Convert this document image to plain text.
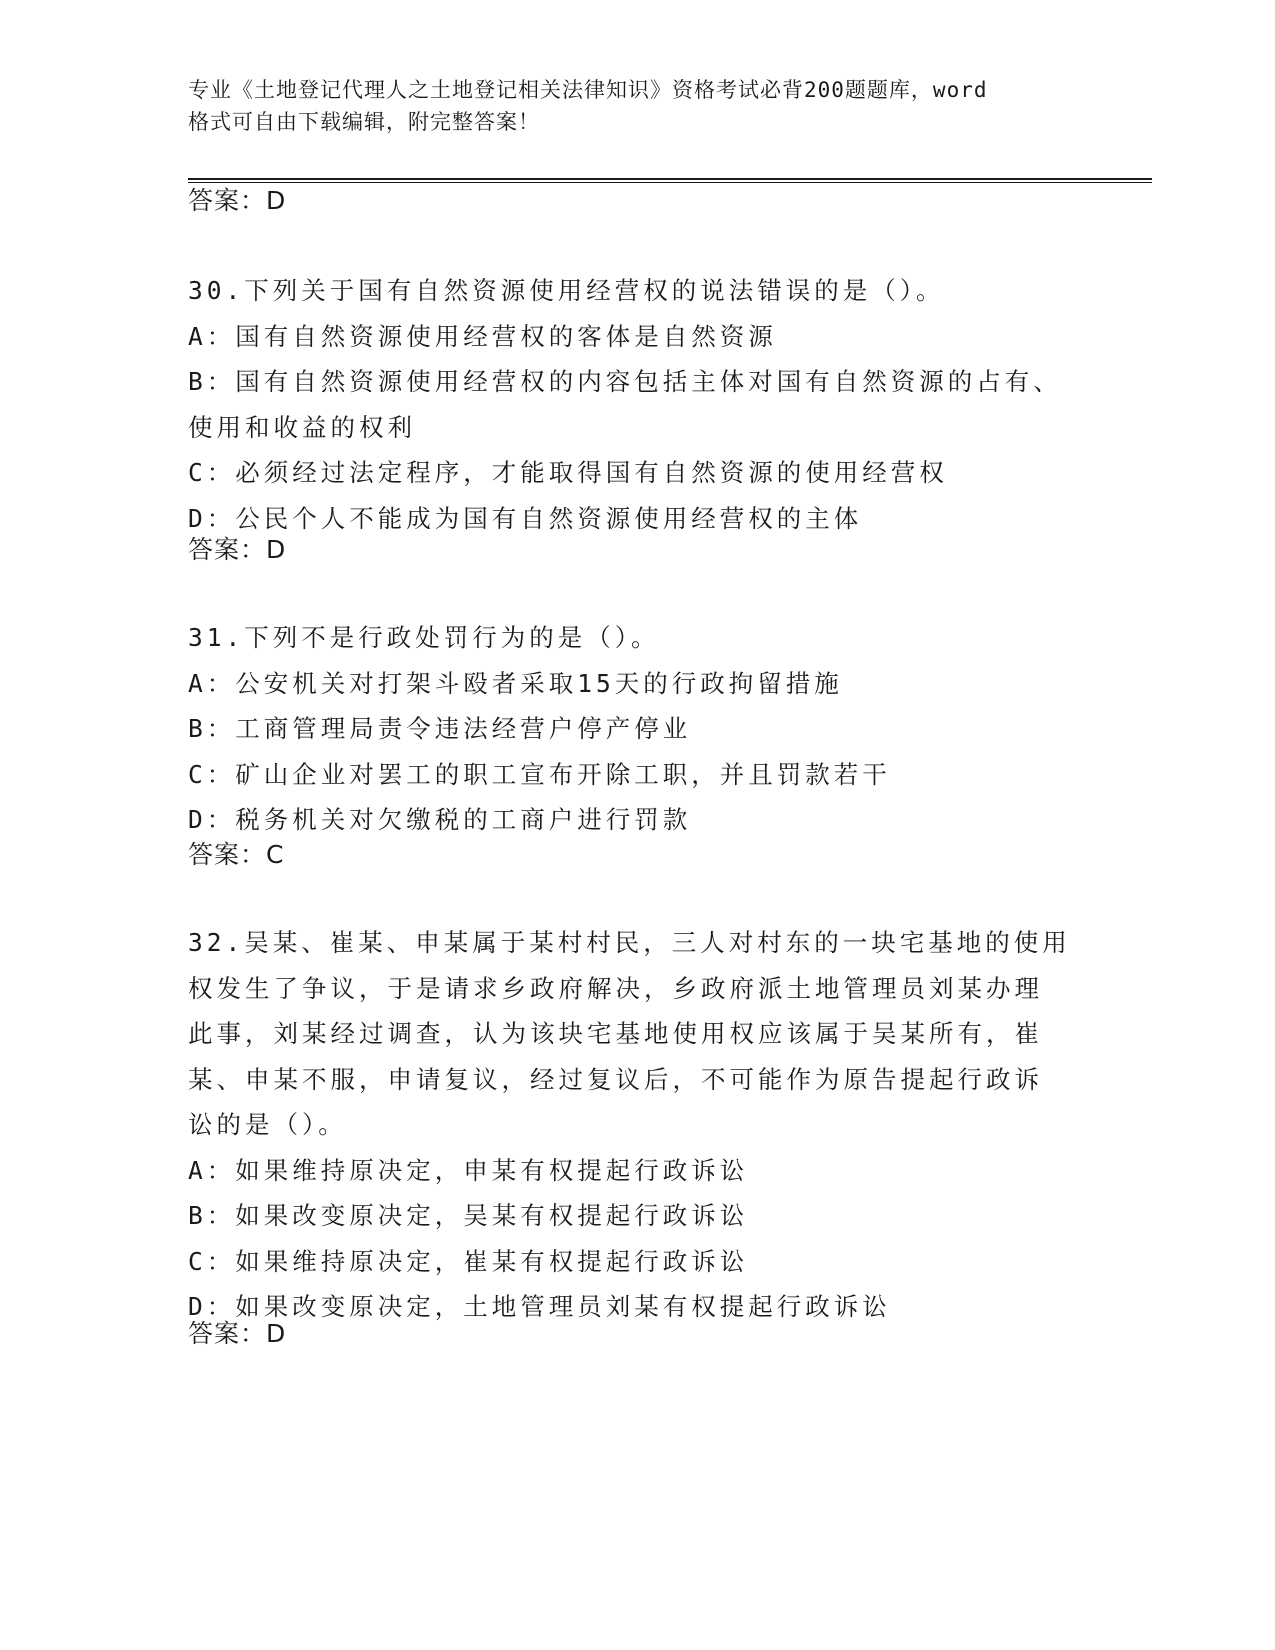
专业《土地登记代理人之土地登记相关法律知识》资格考试必背200题题库，word
格式可自由下载编辑，附完整答案！
答案：D
30.下列关于国有自然资源使用经营权的说法错误的是（）。
A：国有自然资源使用经营权的客体是自然资源
B：国有自然资源使用经营权的内容包括主体对国有自然资源的占有、
使用和收益的权利
C：必须经过法定程序，才能取得国有自然资源的使用经营权
D：公民个人不能成为国有自然资源使用经营权的主体
答案：D
31.下列不是行政处罚行为的是（）。
A：公安机关对打架斗殴者采取15天的行政拘留措施
B：工商管理局责令违法经营户停产停业
C：矿山企业对罢工的职工宣布开除工职，并且罚款若干
D：税务机关对欠缴税的工商户进行罚款
答案：C
32.吴某、崔某、申某属于某村村民，三人对村东的一块宅基地的使用
权发生了争议，于是请求乡政府解决，乡政府派土地管理员刘某办理
此事，刘某经过调查，认为该块宅基地使用权应该属于吴某所有，崔
某、申某不服，申请复议，经过复议后，不可能作为原告提起行政诉
讼的是（）。
A：如果维持原决定，申某有权提起行政诉讼
B：如果改变原决定，吴某有权提起行政诉讼
C：如果维持原决定，崔某有权提起行政诉讼
D：如果改变原决定，土地管理员刘某有权提起行政诉讼
答案：D
